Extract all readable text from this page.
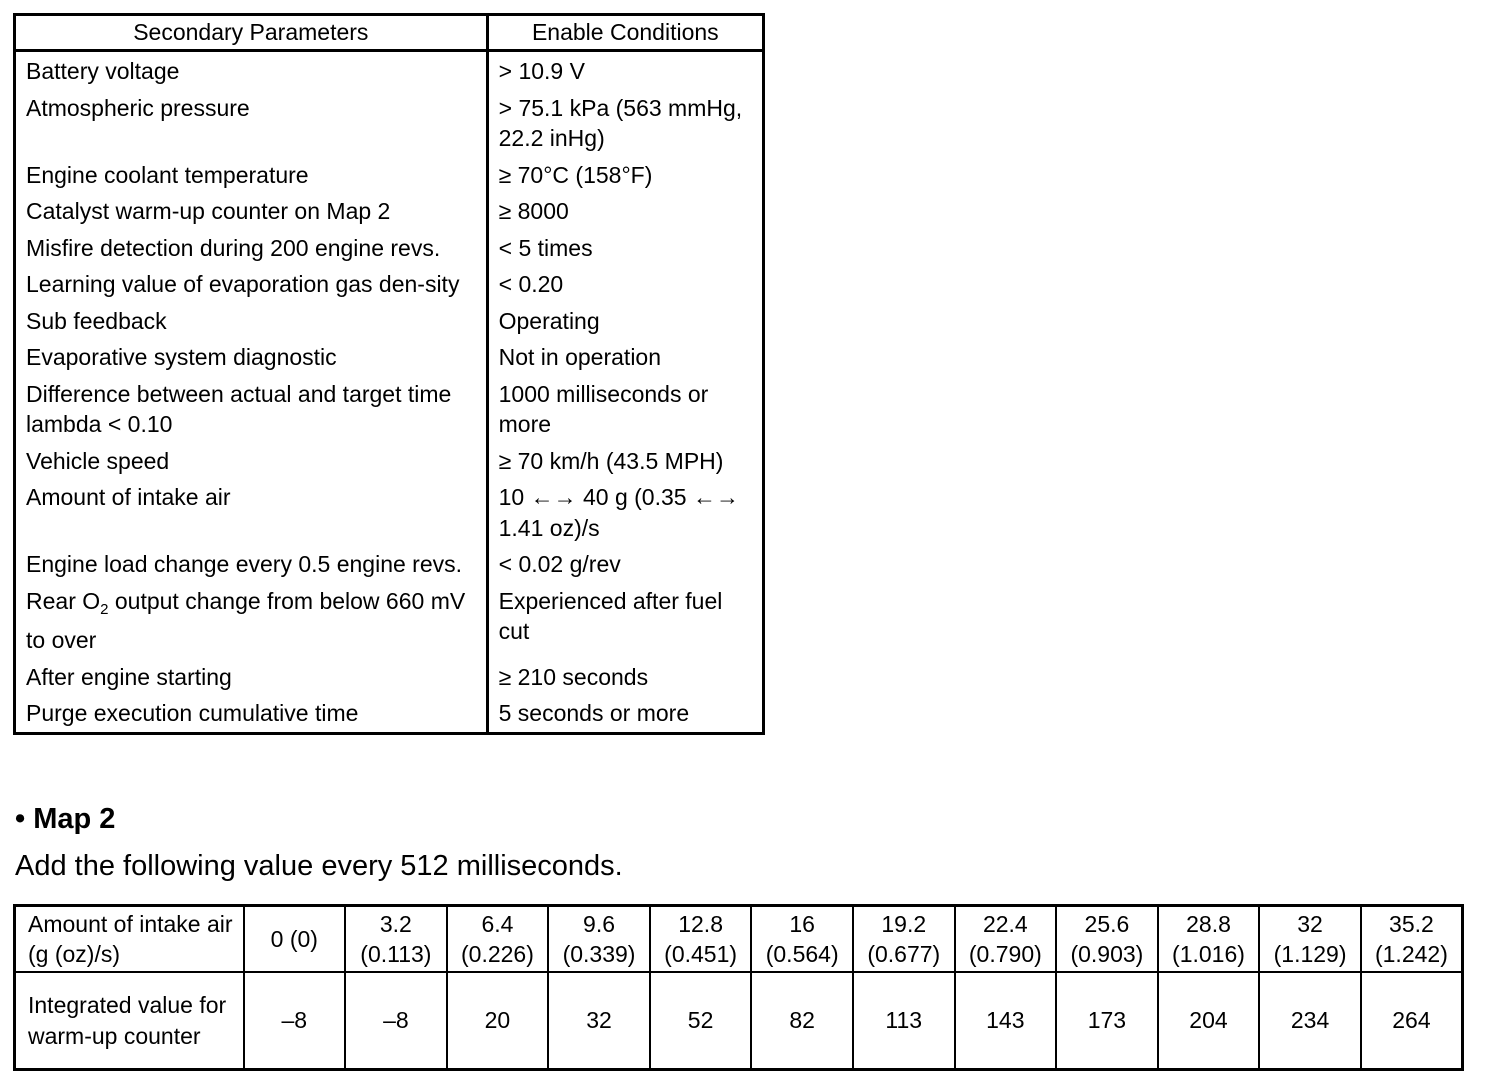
Secondary Parameters	Enable Conditions
Battery voltage	> 10.9 V
Atmospheric pressure	> 75.1 kPa (563 mmHg, 22.2 inHg)
Engine coolant temperature	≥ 70°C (158°F)
Catalyst warm-up counter on Map 2	≥ 8000
Misfire detection during 200 engine revs.	< 5 times
Learning value of evaporation gas den-sity	< 0.20
Sub feedback	Operating
Evaporative system diagnostic	Not in operation
Difference between actual and target time lambda < 0.10	1000 milliseconds or more
Vehicle speed	≥ 70 km/h (43.5 MPH)
Amount of intake air	10 ←→ 40 g (0.35 ←→ 1.41 oz)/s
Engine load change every 0.5 engine revs.	< 0.02 g/rev
Rear $O_2$ output change from below 660 mV to over	Experienced after fuel cut
After engine starting	≥ 210 seconds
Purge execution cumulative time	5 seconds or more
• Map 2
Add the following value every 512 milliseconds.
Amount of intake air (g (oz)/s)	0 (0)	3.2 (0.113)	6.4 (0.226)	9.6 (0.339)	12.8 (0.451)	16 (0.564)	19.2 (0.677)	22.4 (0.790)	25.6 (0.903)	28.8 (1.016)	32 (1.129)	35.2 (1.242)
Integrated value for warm-up counter	–8	–8	20	32	52	82	113	143	173	204	234	264
